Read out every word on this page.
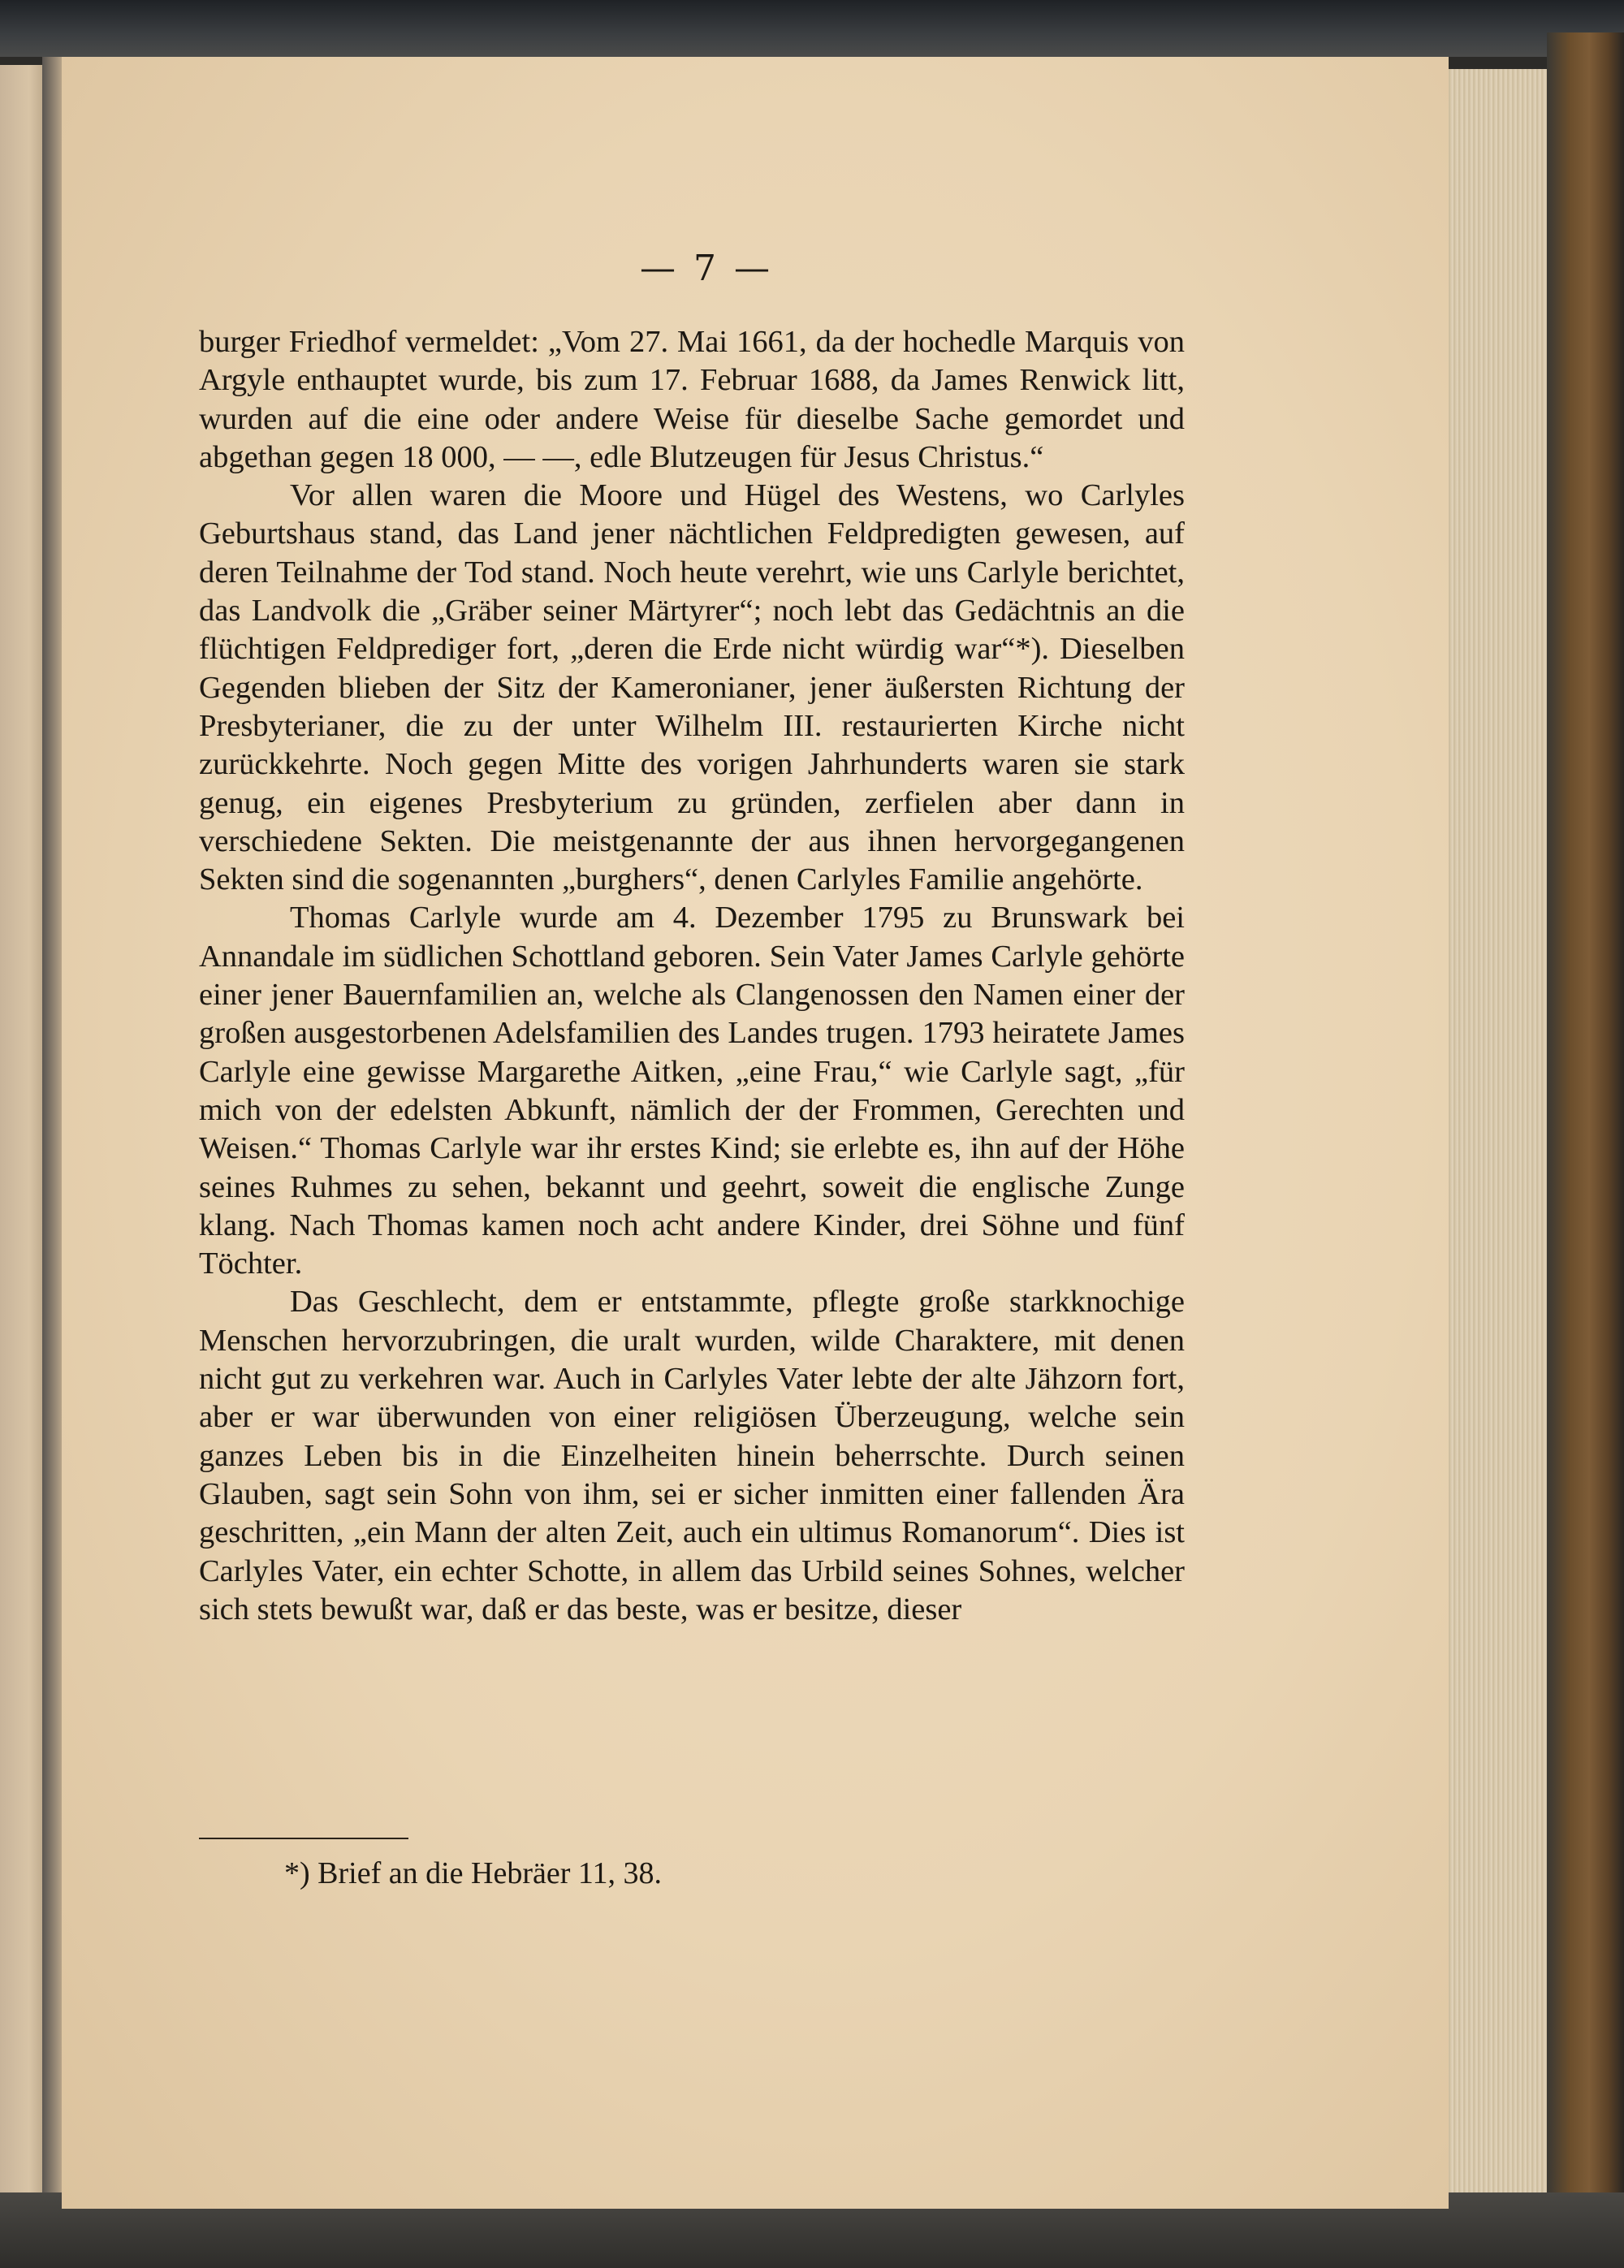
— 7 —

burger Friedhof vermeldet: „Vom 27. Mai 1661, da der hochedle Marquis von Argyle enthauptet wurde, bis zum 17. Februar 1688, da James Renwick litt, wurden auf die eine oder andere Weise für dieselbe Sache gemordet und abgethan gegen 18 000, — —, edle Blutzeugen für Jesus Christus.“

Vor allen waren die Moore und Hügel des Westens, wo Carlyles Geburtshaus stand, das Land jener nächtlichen Feldpredigten gewesen, auf deren Teilnahme der Tod stand. Noch heute verehrt, wie uns Carlyle berichtet, das Landvolk die „Gräber seiner Märtyrer“; noch lebt das Gedächtnis an die flüchtigen Feldprediger fort, „deren die Erde nicht würdig war“*). Dieselben Gegenden blieben der Sitz der Kameronianer, jener äußersten Richtung der Presbyterianer, die zu der unter Wilhelm III. restaurierten Kirche nicht zurückkehrte. Noch gegen Mitte des vorigen Jahrhunderts waren sie stark genug, ein eigenes Presbyterium zu gründen, zerfielen aber dann in verschiedene Sekten. Die meistgenannte der aus ihnen hervorgegangenen Sekten sind die sogenannten „burghers“, denen Carlyles Familie angehörte.

Thomas Carlyle wurde am 4. Dezember 1795 zu Brunswark bei Annandale im südlichen Schottland geboren. Sein Vater James Carlyle gehörte einer jener Bauernfamilien an, welche als Clangenossen den Namen einer der großen ausgestorbenen Adelsfamilien des Landes trugen. 1793 heiratete James Carlyle eine gewisse Margarethe Aitken, „eine Frau,“ wie Carlyle sagt, „für mich von der edelsten Abkunft, nämlich der der Frommen, Gerechten und Weisen.“ Thomas Carlyle war ihr erstes Kind; sie erlebte es, ihn auf der Höhe seines Ruhmes zu sehen, bekannt und geehrt, soweit die englische Zunge klang. Nach Thomas kamen noch acht andere Kinder, drei Söhne und fünf Töchter.

Das Geschlecht, dem er entstammte, pflegte große starkknochige Menschen hervorzubringen, die uralt wurden, wilde Charaktere, mit denen nicht gut zu verkehren war. Auch in Carlyles Vater lebte der alte Jähzorn fort, aber er war überwunden von einer religiösen Überzeugung, welche sein ganzes Leben bis in die Einzelheiten hinein beherrschte. Durch seinen Glauben, sagt sein Sohn von ihm, sei er sicher inmitten einer fallenden Ära geschritten, „ein Mann der alten Zeit, auch ein ultimus Romanorum“. Dies ist Carlyles Vater, ein echter Schotte, in allem das Urbild seines Sohnes, welcher sich stets bewußt war, daß er das beste, was er besitze, dieser

*) Brief an die Hebräer 11, 38.
